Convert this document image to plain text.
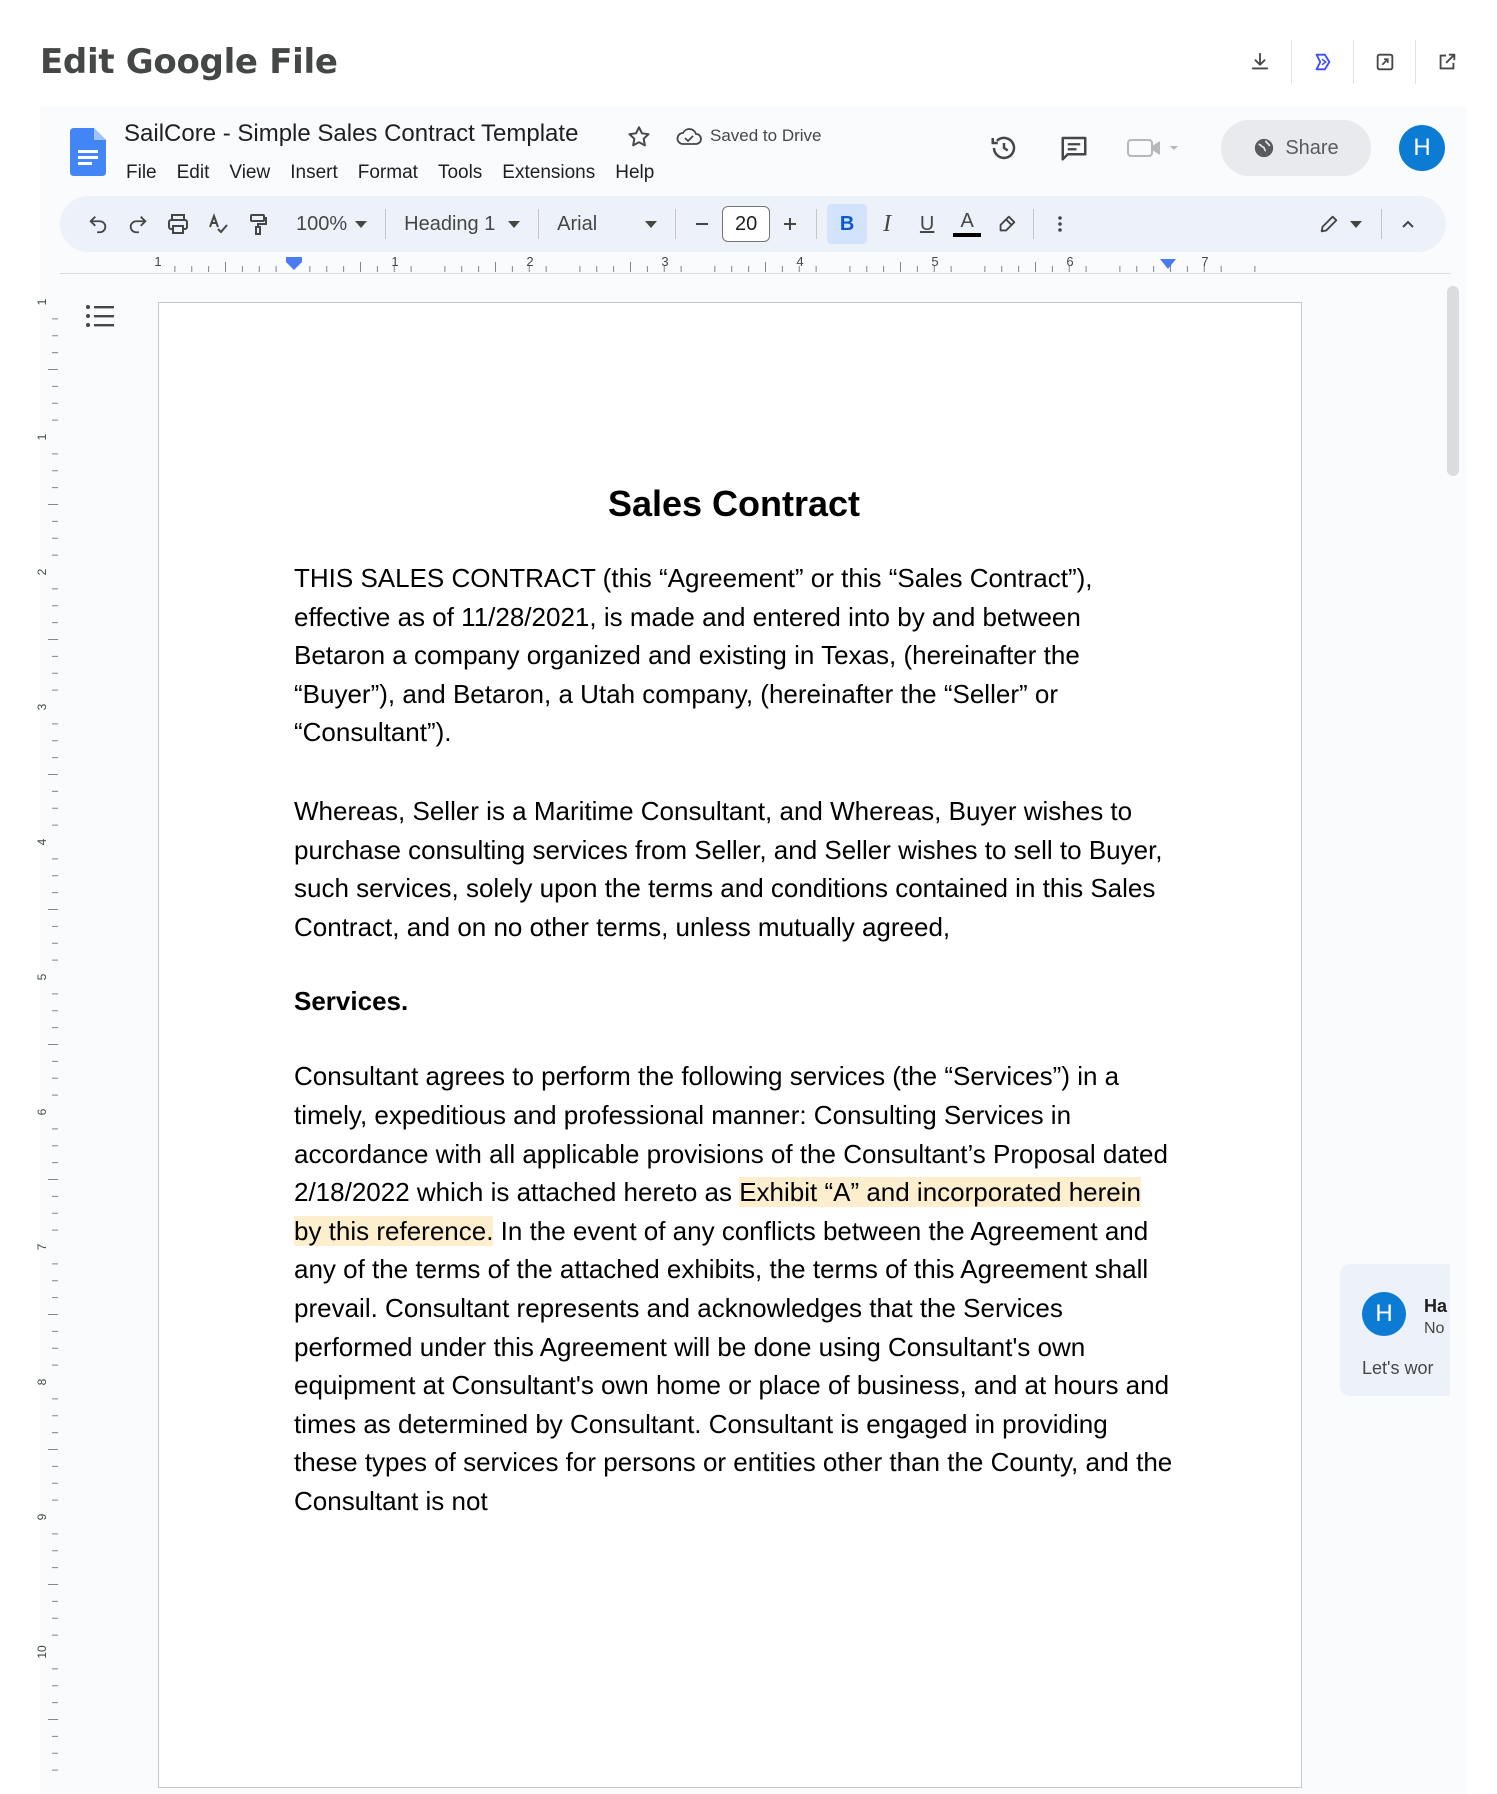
Edit Google File
SailCore - Simple Sales Contract Template	Saved to Drive
File	Edit	View	Insert	Format	Tools	Extensions	Help
Share	H
100%	Heading 1	Arial	20	B	I	U	A
1	1	2	3	4	5	6	7
1
1
2
3
4
5
6
7
8
9
10
Sales Contract

THIS SALES CONTRACT (this “Agreement” or this “Sales Contract”), effective as of 11/28/2021, is made and entered into by and between Betaron a company organized and existing in Texas, (hereinafter the “Buyer”), and Betaron, a Utah company, (hereinafter the “Seller” or “Consultant”).

Whereas, Seller is a Maritime Consultant, and Whereas, Buyer wishes to purchase consulting services from Seller, and Seller wishes to sell to Buyer, such services, solely upon the terms and conditions contained in this Sales Contract, and on no other terms, unless mutually agreed,

Services.

Consultant agrees to perform the following services (the “Services”) in a timely, expeditious and professional manner: Consulting Services in accordance with all applicable provisions of the Consultant’s Proposal dated 2/18/2022 which is attached hereto as Exhibit “A” and incorporated herein by this reference. In the event of any conflicts between the Agreement and any of the terms of the attached exhibits, the terms of this Agreement shall prevail. Consultant represents and acknowledges that the Services performed under this Agreement will be done using Consultant's own equipment at Consultant's own home or place of business, and at hours and times as determined by Consultant. Consultant is engaged in providing these types of services for persons or entities other than the County, and the Consultant is not

H	Ha
No
Let's wor
